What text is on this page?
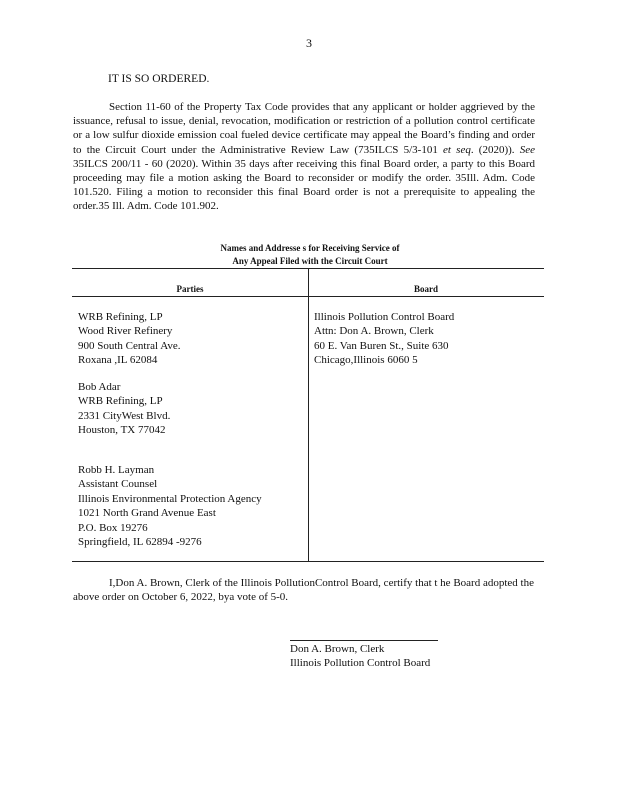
3
IT IS SO ORDERED.
Section 11-60 of the Property Tax Code provides that any applicant or holder aggrieved by the issuance, refusal to issue, denial, revocation, modification or restriction of a pollution control certificate or a low sulfur dioxide emission coal fueled device certificate may appeal the Board’s finding and order to the Circuit Court under the Administrative Review Law (735ILCS 5/3-101 et seq. (2020)). See 35ILCS 200/11 - 60 (2020). Within 35 days after receiving this final Board order, a party to this Board proceeding may file a motion asking the Board to reconsider or modify the order. 35Ill. Adm. Code 101.520. Filing a motion to reconsider this final Board order is not a prerequisite to appealing the order.35 Ill. Adm. Code 101.902.
Names and Addresse s for Receiving Service of
Any Appeal Filed with the Circuit Court
Parties	Board
WRB Refining, LP
Wood River Refinery
900 South Central Ave.
Roxana ,IL 62084
Bob Adar
WRB Refining, LP
2331 CityWest Blvd.
Houston, TX 77042
Robb H. Layman
Assistant Counsel
Illinois Environmental Protection Agency
1021 North Grand Avenue East
P.O. Box 19276
Springfield, IL 62894 -9276
Illinois Pollution Control Board
Attn: Don A. Brown, Clerk
60 E. Van Buren St., Suite 630
Chicago,Illinois 6060 5
I,Don A. Brown, Clerk of the Illinois PollutionControl Board, certify that t he Board adopted the above order on October 6, 2022, bya vote of 5-0.
Don A. Brown, Clerk
Illinois Pollution Control Board
